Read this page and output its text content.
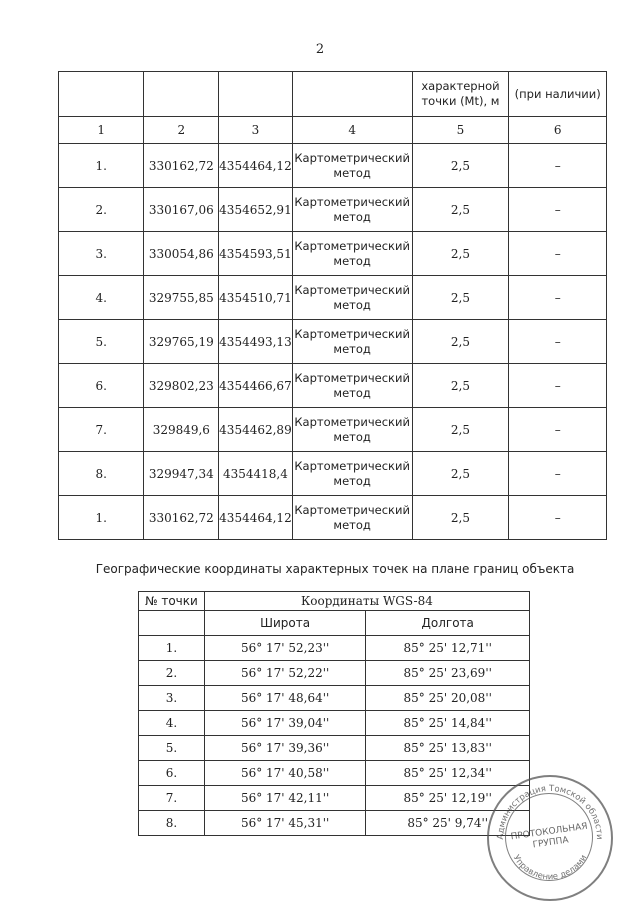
2
				характерной точки (Mt), м	(при наличии)
1	2	3	4	5	6
1.	330162,72	4354464,12	Картометрический метод	2,5	–
2.	330167,06	4354652,91	Картометрический метод	2,5	–
3.	330054,86	4354593,51	Картометрический метод	2,5	–
4.	329755,85	4354510,71	Картометрический метод	2,5	–
5.	329765,19	4354493,13	Картометрический метод	2,5	–
6.	329802,23	4354466,67	Картометрический метод	2,5	–
7.	329849,6	4354462,89	Картометрический метод	2,5	–
8.	329947,34	4354418,4	Картометрический метод	2,5	–
1.	330162,72	4354464,12	Картометрический метод	2,5	–
Географические координаты характерных точек на плане границ объекта
№ точки	Координаты WGS-84	
	Широта	Долгота
1.	56° 17' 52,23''	85° 25' 12,71''
2.	56° 17' 52,22''	85° 25' 23,69''
3.	56° 17' 48,64''	85° 25' 20,08''
4.	56° 17' 39,04''	85° 25' 14,84''
5.	56° 17' 39,36''	85° 25' 13,83''
6.	56° 17' 40,58''	85° 25' 12,34''
7.	56° 17' 42,11''	85° 25' 12,19''
8.	56° 17' 45,31''	85° 25' 9,74''
Администрация Томской области
Управление делами
ПРОТОКОЛЬНАЯ ГРУППА
